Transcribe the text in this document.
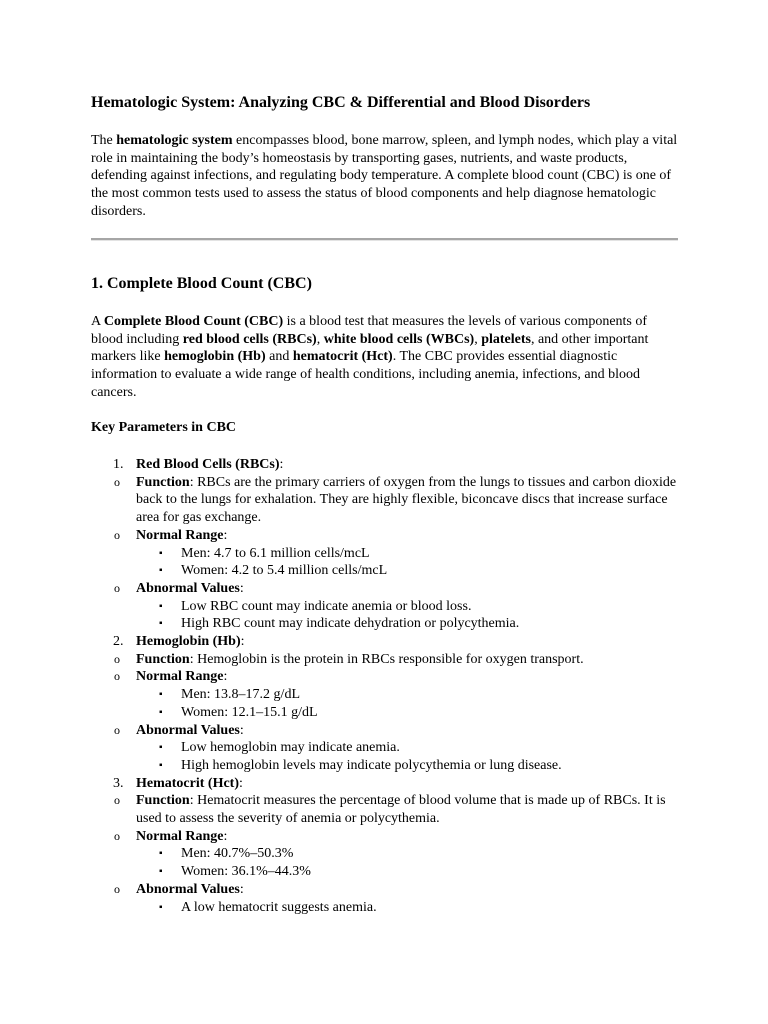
Hematologic System: Analyzing CBC & Differential and Blood Disorders

The hematologic system encompasses blood, bone marrow, spleen, and lymph nodes, which play a vital role in maintaining the body’s homeostasis by transporting gases, nutrients, and waste products, defending against infections, and regulating body temperature. A complete blood count (CBC) is one of the most common tests used to assess the status of blood components and help diagnose hematologic disorders.

1. Complete Blood Count (CBC)

A Complete Blood Count (CBC) is a blood test that measures the levels of various components of blood including red blood cells (RBCs), white blood cells (WBCs), platelets, and other important markers like hemoglobin (Hb) and hematocrit (Hct). The CBC provides essential diagnostic information to evaluate a wide range of health conditions, including anemia, infections, and blood cancers.

Key Parameters in CBC
1. Red Blood Cells (RBCs):
o Function: RBCs are the primary carriers of oxygen from the lungs to tissues and carbon dioxide back to the lungs for exhalation. They are highly flexible, biconcave discs that increase surface area for gas exchange.
o Normal Range:
▪ Men: 4.7 to 6.1 million cells/mcL
▪ Women: 4.2 to 5.4 million cells/mcL
o Abnormal Values:
▪ Low RBC count may indicate anemia or blood loss.
▪ High RBC count may indicate dehydration or polycythemia.
2. Hemoglobin (Hb):
o Function: Hemoglobin is the protein in RBCs responsible for oxygen transport.
o Normal Range:
▪ Men: 13.8–17.2 g/dL
▪ Women: 12.1–15.1 g/dL
o Abnormal Values:
▪ Low hemoglobin may indicate anemia.
▪ High hemoglobin levels may indicate polycythemia or lung disease.
3. Hematocrit (Hct):
o Function: Hematocrit measures the percentage of blood volume that is made up of RBCs. It is used to assess the severity of anemia or polycythemia.
o Normal Range:
▪ Men: 40.7%–50.3%
▪ Women: 36.1%–44.3%
o Abnormal Values:
▪ A low hematocrit suggests anemia.
